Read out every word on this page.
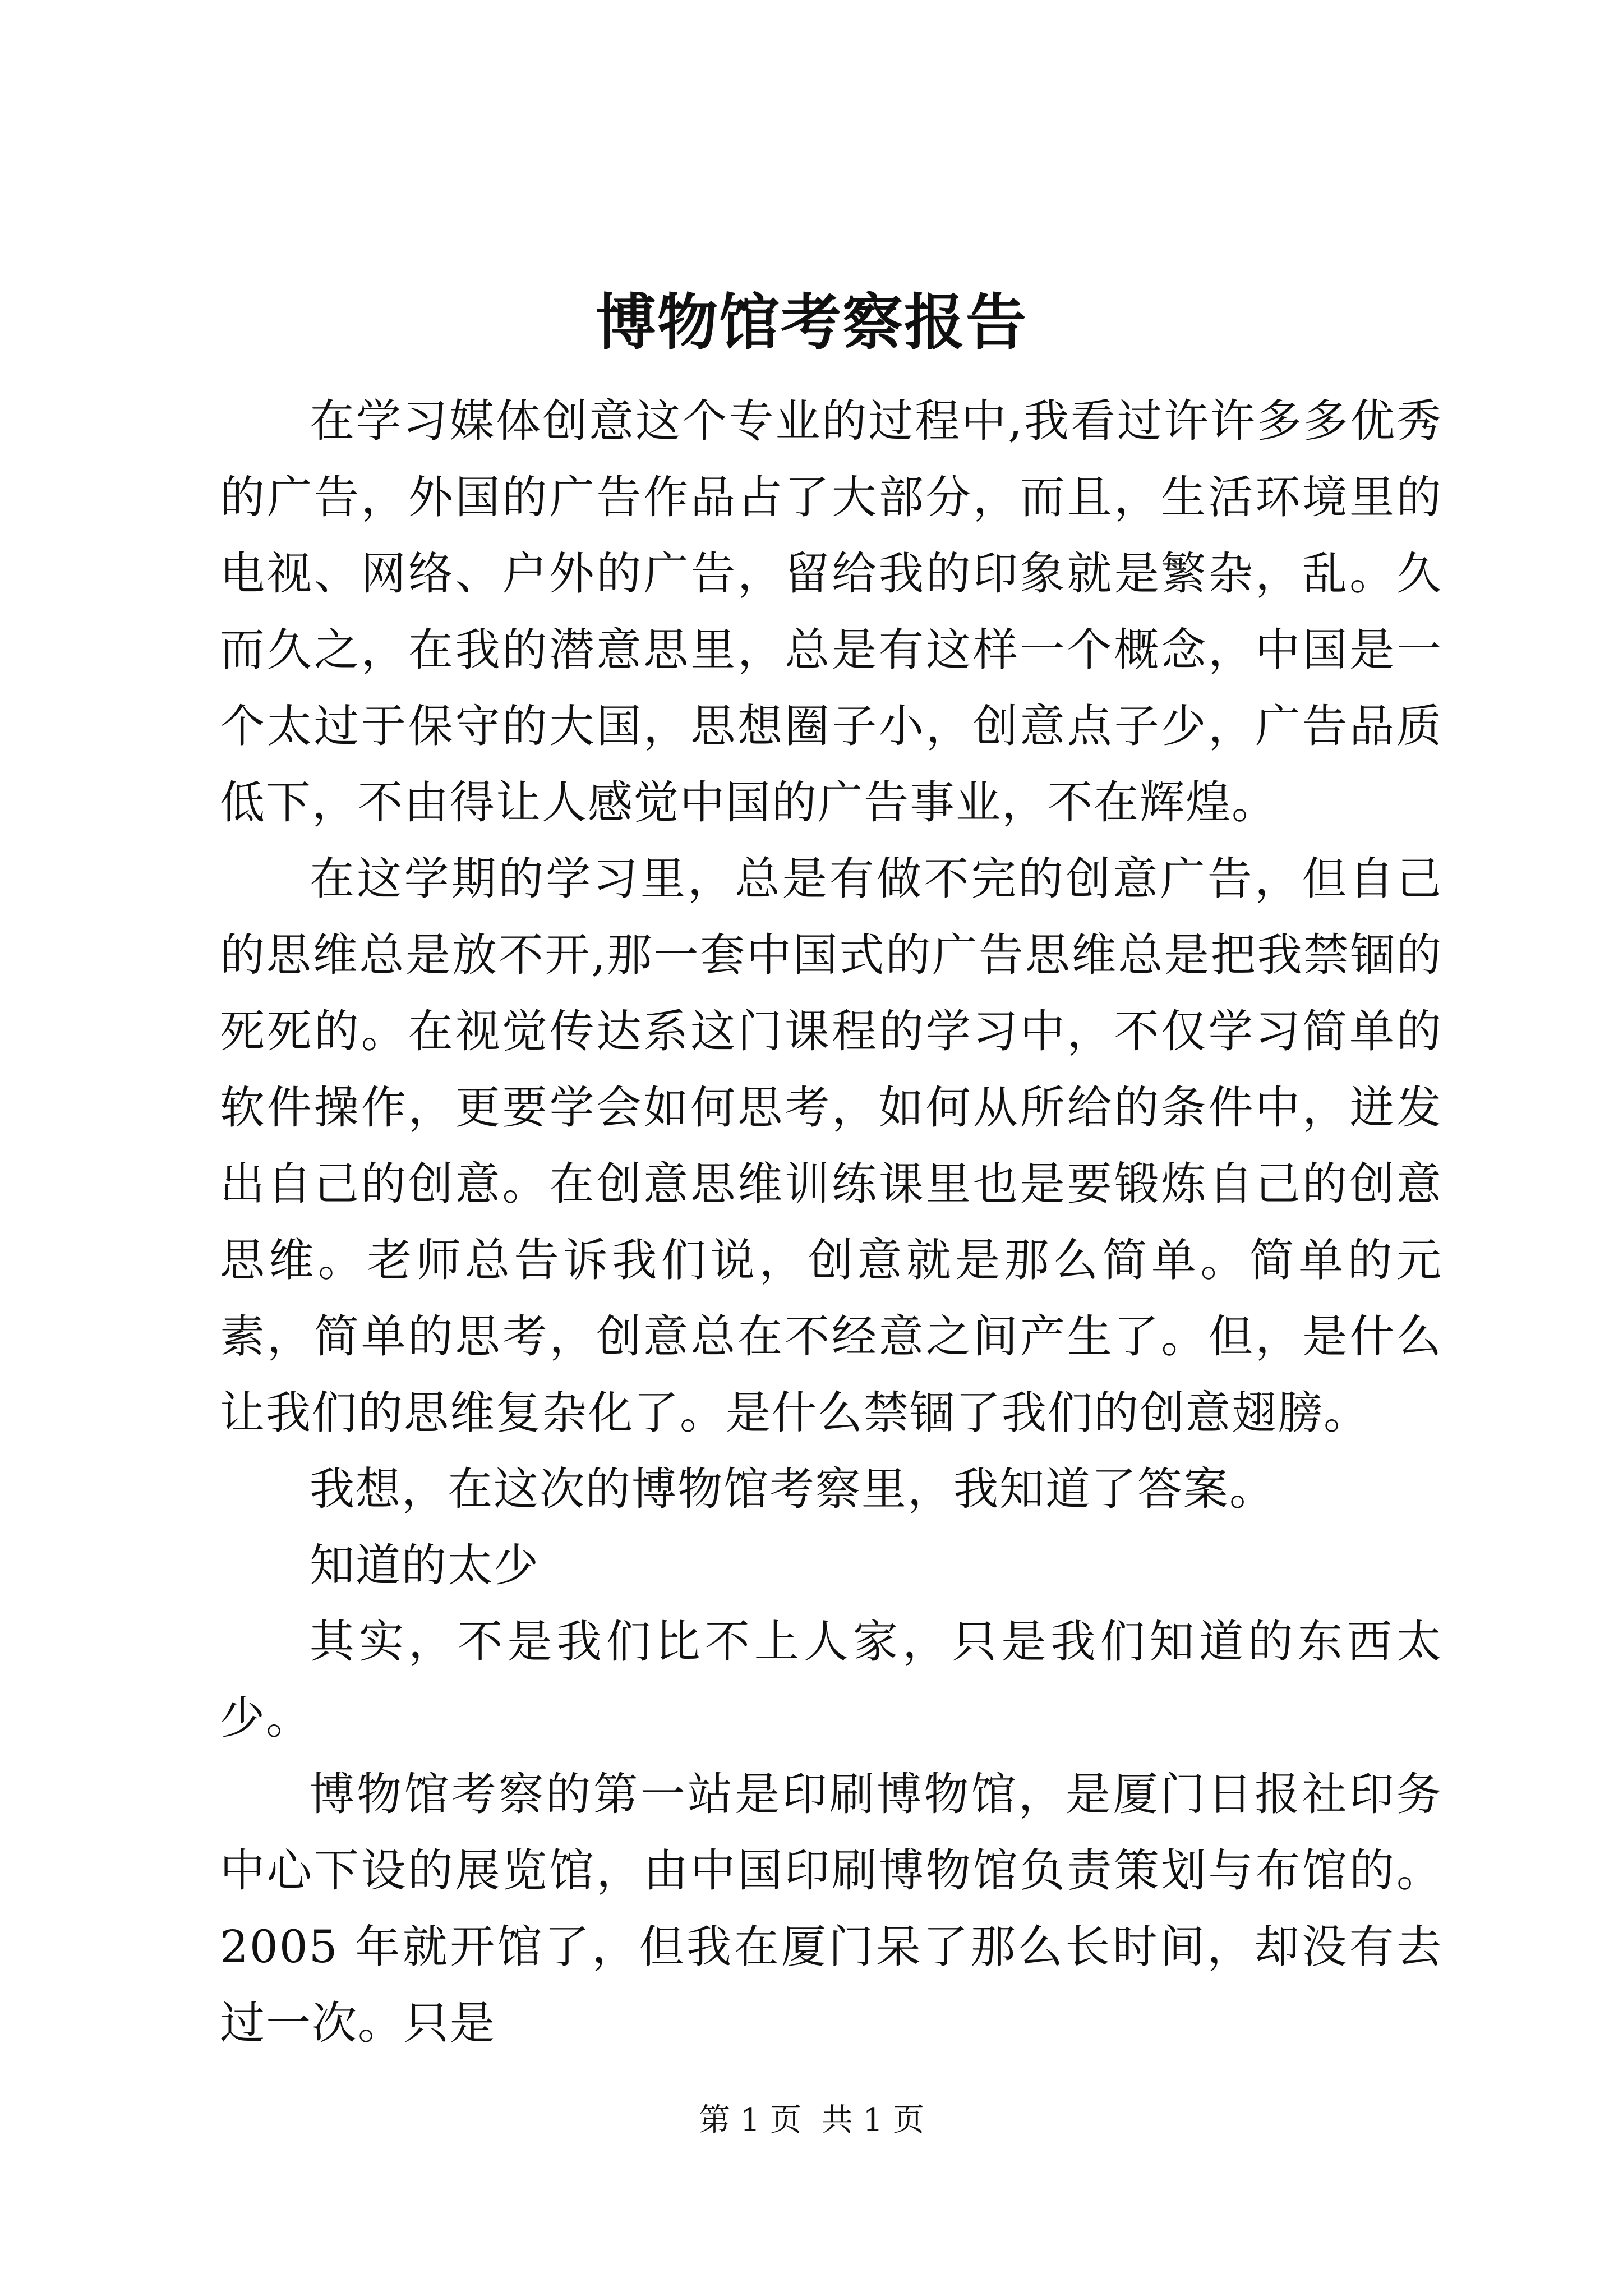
博物馆考察报告

在学习媒体创意这个专业的过程中,我看过许许多多优秀的广告，外国的广告作品占了大部分，而且，生活环境里的电视、网络、户外的广告，留给我的印象就是繁杂，乱。久而久之，在我的潜意思里，总是有这样一个概念，中国是一个太过于保守的大国，思想圈子小，创意点子少，广告品质低下，不由得让人感觉中国的广告事业，不在辉煌。

在这学期的学习里，总是有做不完的创意广告，但自己的思维总是放不开,那一套中国式的广告思维总是把我禁锢的死死的。在视觉传达系这门课程的学习中，不仅学习简单的软件操作，更要学会如何思考，如何从所给的条件中，迸发出自己的创意。在创意思维训练课里也是要锻炼自己的创意思维。老师总告诉我们说，创意就是那么简单。简单的元素，简单的思考，创意总在不经意之间产生了。但，是什么让我们的思维复杂化了。是什么禁锢了我们的创意翅膀。

我想，在这次的博物馆考察里，我知道了答案。

知道的太少

其实，不是我们比不上人家，只是我们知道的东西太少。

博物馆考察的第一站是印刷博物馆，是厦门日报社印务中心下设的展览馆，由中国印刷博物馆负责策划与布馆的。2005 年就开馆了，但我在厦门呆了那么长时间，却没有去过一次。只是

第 1 页 共 1 页
